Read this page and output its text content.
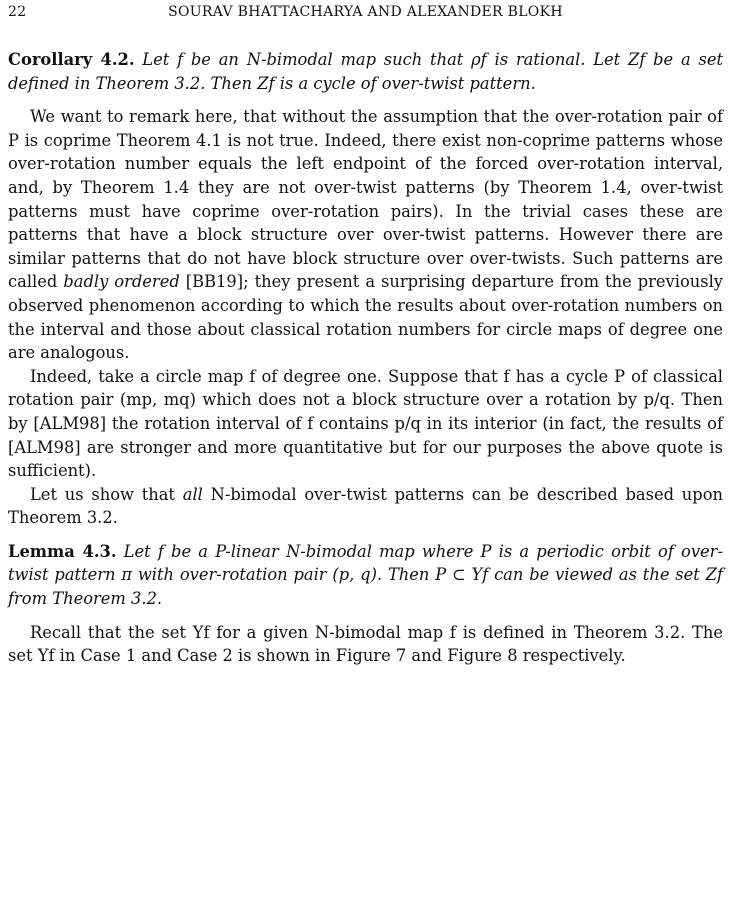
22	SOURAV BHATTACHARYA AND ALEXANDER BLOKH

Corollary 4.2. Let f be an N-bimodal map such that ρf is rational. Let Zf be a set defined in Theorem 3.2. Then Zf is a cycle of over-twist pattern.

We want to remark here, that without the assumption that the over-rotation pair of P is coprime Theorem 4.1 is not true. Indeed, there exist non-coprime patterns whose over-rotation number equals the left endpoint of the forced over-rotation interval, and, by Theorem 1.4 they are not over-twist patterns (by Theorem 1.4, over-twist patterns must have coprime over-rotation pairs). In the trivial cases these are patterns that have a block structure over over-twist patterns. However there are similar patterns that do not have block structure over over-twists. Such patterns are called badly ordered [BB19]; they present a surprising departure from the previously observed phenomenon according to which the results about over-rotation numbers on the interval and those about classical rotation numbers for circle maps of degree one are analogous.

Indeed, take a circle map f of degree one. Suppose that f has a cycle P of classical rotation pair (mp, mq) which does not a block structure over a rotation by p/q. Then by [ALM98] the rotation interval of f contains p/q in its interior (in fact, the results of [ALM98] are stronger and more quantitative but for our purposes the above quote is sufficient).

Let us show that all N-bimodal over-twist patterns can be described based upon Theorem 3.2.

Lemma 4.3. Let f be a P-linear N-bimodal map where P is a periodic orbit of over-twist pattern π with over-rotation pair (p, q). Then P ⊂ Yf can be viewed as the set Zf from Theorem 3.2.

Recall that the set Yf for a given N-bimodal map f is defined in Theorem 3.2. The set Yf in Case 1 and Case 2 is shown in Figure 7 and Figure 8 respectively.
